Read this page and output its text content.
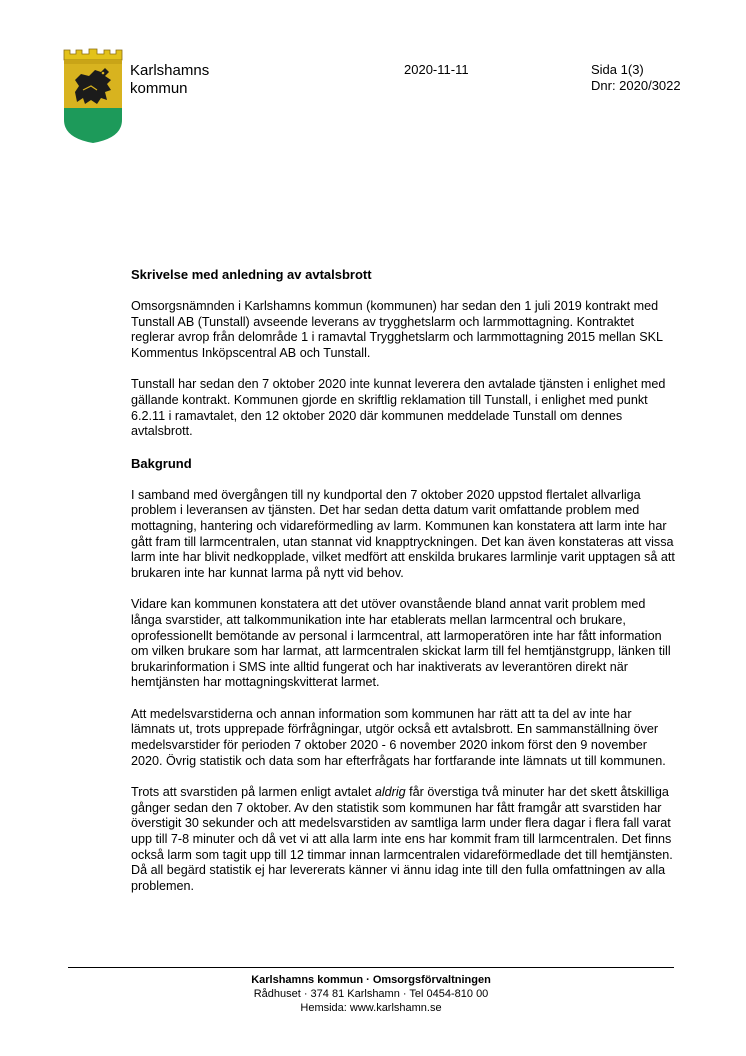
Karlshamns
kommun
2020-11-11	Sida 1(3)
Dnr: 2020/3022
Skrivelse med anledning av avtalsbrott

Omsorgsnämnden i Karlshamns kommun (kommunen) har sedan den 1 juli 2019 kontrakt med Tunstall AB (Tunstall) avseende leverans av trygghetslarm och larmmottagning. Kontraktet reglerar avrop från delområde 1 i ramavtal Trygghetslarm och larmmottagning 2015 mellan SKL Kommentus Inköpscentral AB och Tunstall.

Tunstall har sedan den 7 oktober 2020 inte kunnat leverera den avtalade tjänsten i enlighet med gällande kontrakt. Kommunen gjorde en skriftlig reklamation till Tunstall, i enlighet med punkt 6.2.11 i ramavtalet, den 12 oktober 2020 där kommunen meddelade Tunstall om dennes avtalsbrott.

Bakgrund

I samband med övergången till ny kundportal den 7 oktober 2020 uppstod flertalet allvarliga problem i leveransen av tjänsten. Det har sedan detta datum varit omfattande problem med mottagning, hantering och vidareförmedling av larm. Kommunen kan konstatera att larm inte har gått fram till larmcentralen, utan stannat vid knapptryckningen. Det kan även konstateras att vissa larm inte har blivit nedkopplade, vilket medfört att enskilda brukares larmlinje varit upptagen så att brukaren inte har kunnat larma på nytt vid behov.

Vidare kan kommunen konstatera att det utöver ovanstående bland annat varit problem med långa svarstider, att talkommunikation inte har etablerats mellan larmcentral och brukare, oprofessionellt bemötande av personal i larmcentral, att larmoperatören inte har fått information om vilken brukare som har larmat, att larmcentralen skickat larm till fel hemtjänstgrupp, länken till brukarinformation i SMS inte alltid fungerat och har inaktiverats av leverantören direkt när hemtjänsten har mottagningskvitterat larmet.

Att medelsvarstiderna och annan information som kommunen har rätt att ta del av inte har lämnats ut, trots upprepade förfrågningar, utgör också ett avtalsbrott. En sammanställning över medelsvarstider för perioden 7 oktober 2020 - 6 november 2020 inkom först den 9 november 2020. Övrig statistik och data som har efterfrågats har fortfarande inte lämnats ut till kommunen.

Trots att svarstiden på larmen enligt avtalet aldrig får överstiga två minuter har det skett åtskilliga gånger sedan den 7 oktober. Av den statistik som kommunen har fått framgår att svarstiden har överstigit 30 sekunder och att medelsvarstiden av samtliga larm under flera dagar i flera fall varat upp till 7-8 minuter och då vet vi att alla larm inte ens har kommit fram till larmcentralen. Det finns också larm som tagit upp till 12 timmar innan larmcentralen vidareförmedlade det till hemtjänsten. Då all begärd statistik ej har levererats känner vi ännu idag inte till den fulla omfattningen av alla problemen.

Karlshamns kommun · Omsorgsförvaltningen
Rådhuset · 374 81 Karlshamn · Tel 0454-810 00
Hemsida: www.karlshamn.se
